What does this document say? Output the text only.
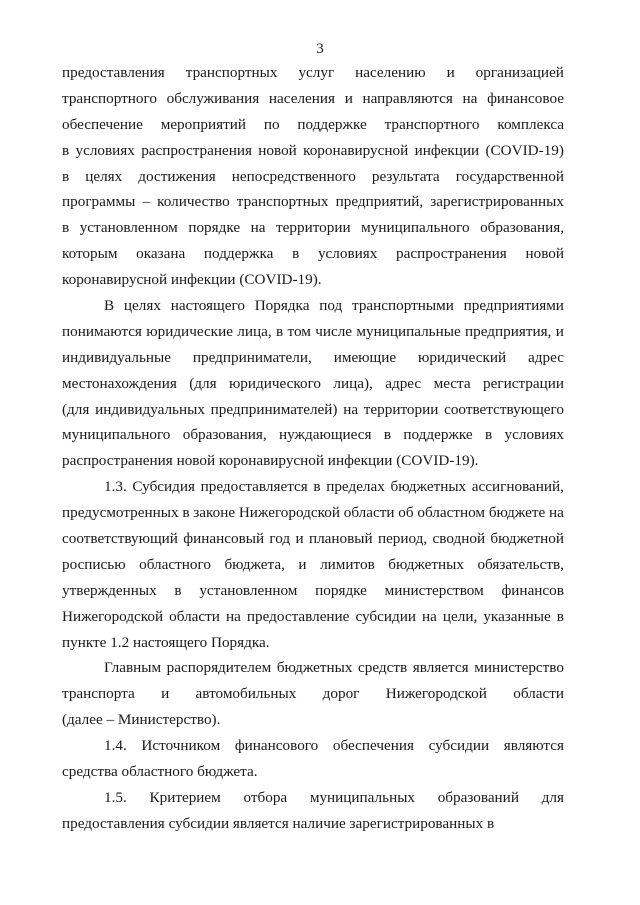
3
предоставления транспортных услуг населению и организацией
транспортного обслуживания населения и направляются на финансовое
обеспечение мероприятий по поддержке транспортного комплекса
в условиях распространения новой коронавирусной инфекции (COVID-19)
в целях достижения непосредственного результата государственной
программы – количество транспортных предприятий, зарегистрированных
в установленном порядке на территории муниципального образования,
которым оказана поддержка в условиях распространения новой
коронавирусной инфекции (COVID-19).
В целях настоящего Порядка под транспортными предприятиями
понимаются юридические лица, в том числе муниципальные предприятия, и
индивидуальные предприниматели, имеющие юридический адрес
местонахождения (для юридического лица), адрес места регистрации
(для индивидуальных предпринимателей) на территории соответствующего
муниципального образования, нуждающиеся в поддержке в условиях
распространения новой коронавирусной инфекции (COVID-19).
1.3. Субсидия предоставляется в пределах бюджетных ассигнований,
предусмотренных в законе Нижегородской области об областном бюджете на
соответствующий финансовый год и плановый период, сводной бюджетной
росписью областного бюджета, и лимитов бюджетных обязательств,
утвержденных в установленном порядке министерством финансов
Нижегородской области на предоставление субсидии на цели, указанные в
пункте 1.2 настоящего Порядка.
Главным распорядителем бюджетных средств является министерство
транспорта и автомобильных дорог Нижегородской области
(далее – Министерство).
1.4. Источником финансового обеспечения субсидии являются
средства областного бюджета.
1.5. Критерием отбора муниципальных образований для
предоставления субсидии является наличие зарегистрированных в
